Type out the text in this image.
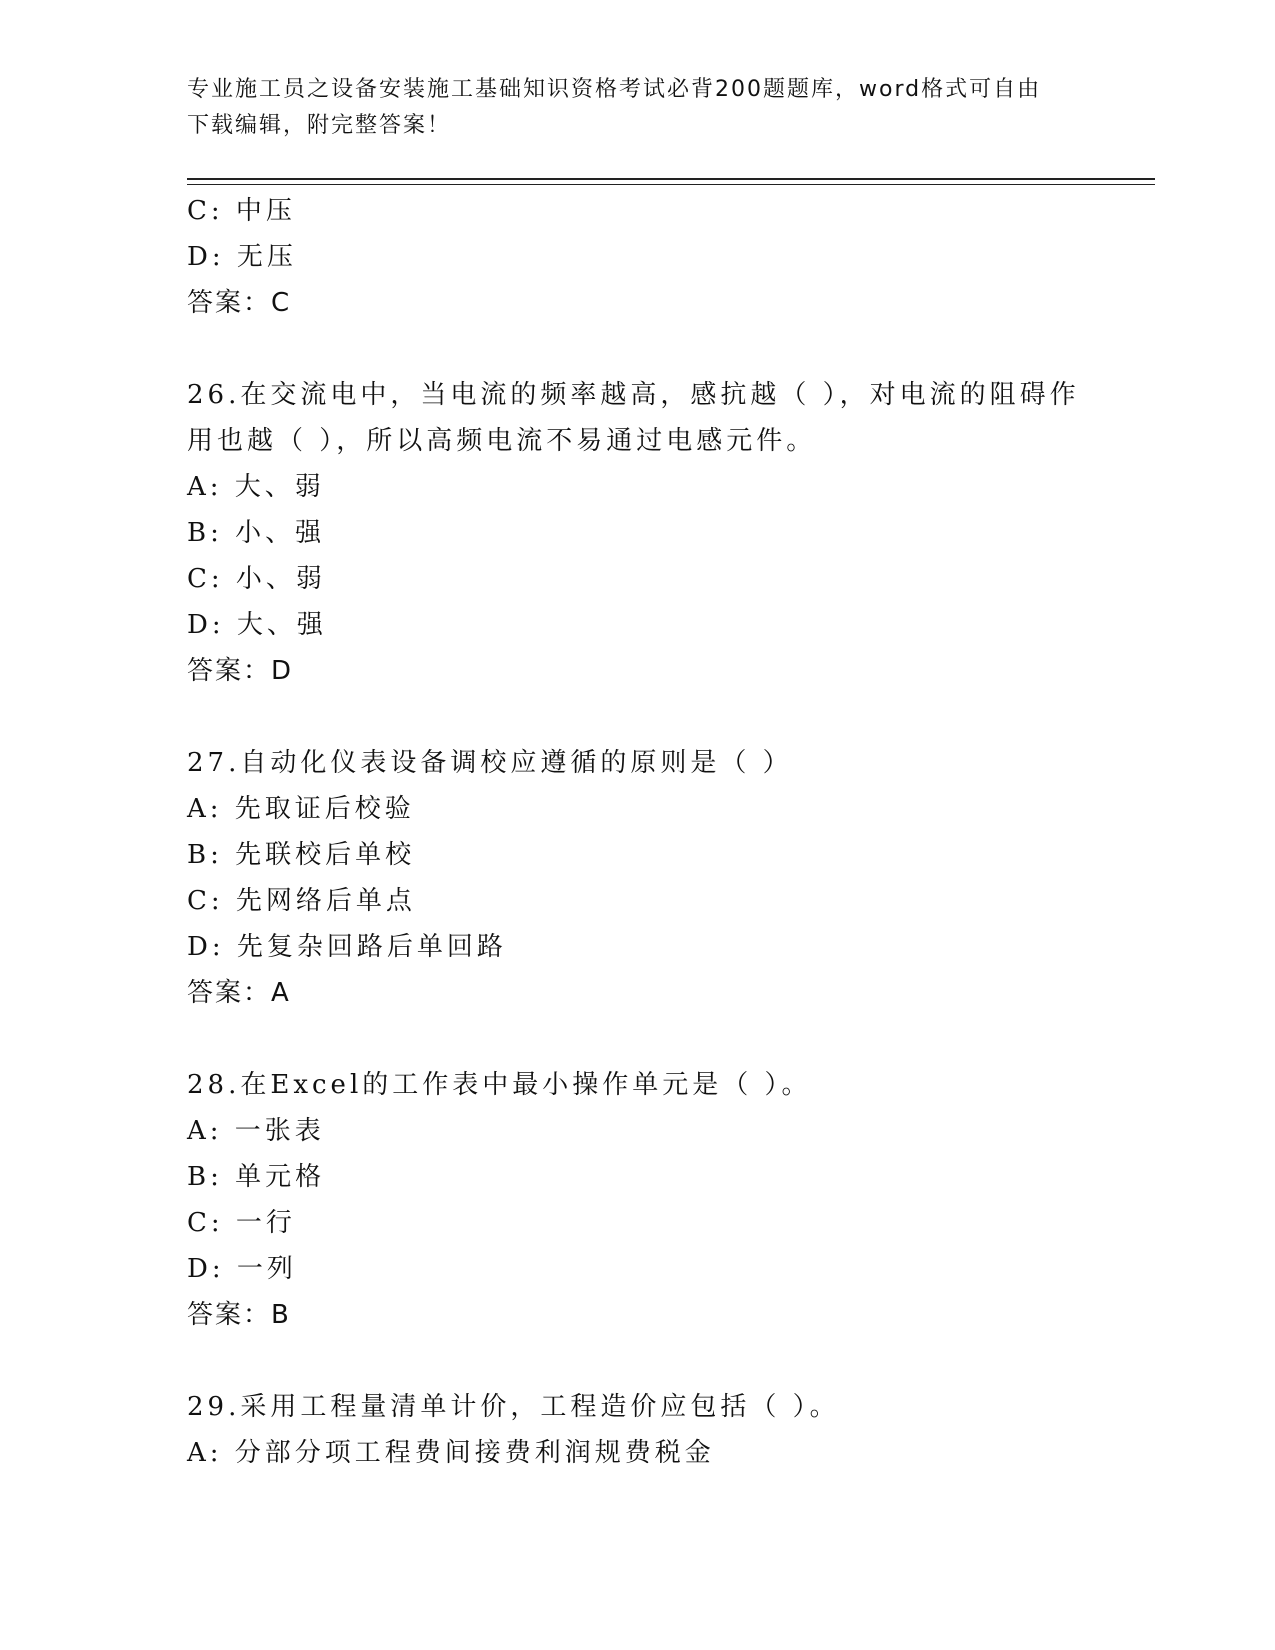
专业施工员之设备安装施工基础知识资格考试必背200题题库，word格式可自由
下载编辑，附完整答案！
C: 中压
D: 无压
答案：C
26.在交流电中，当电流的频率越高，感抗越（ ），对电流的阻碍作
用也越（ ），所以高频电流不易通过电感元件。
A: 大、弱
B: 小、强
C: 小、弱
D: 大、强
答案：D
27.自动化仪表设备调校应遵循的原则是（ ）
A: 先取证后校验
B: 先联校后单校
C: 先网络后单点
D: 先复杂回路后单回路
答案：A
28.在Excel的工作表中最小操作单元是（ ）。
A: 一张表
B: 单元格
C: 一行
D: 一列
答案：B
29.采用工程量清单计价，工程造价应包括（ ）。
A: 分部分项工程费间接费利润规费税金
